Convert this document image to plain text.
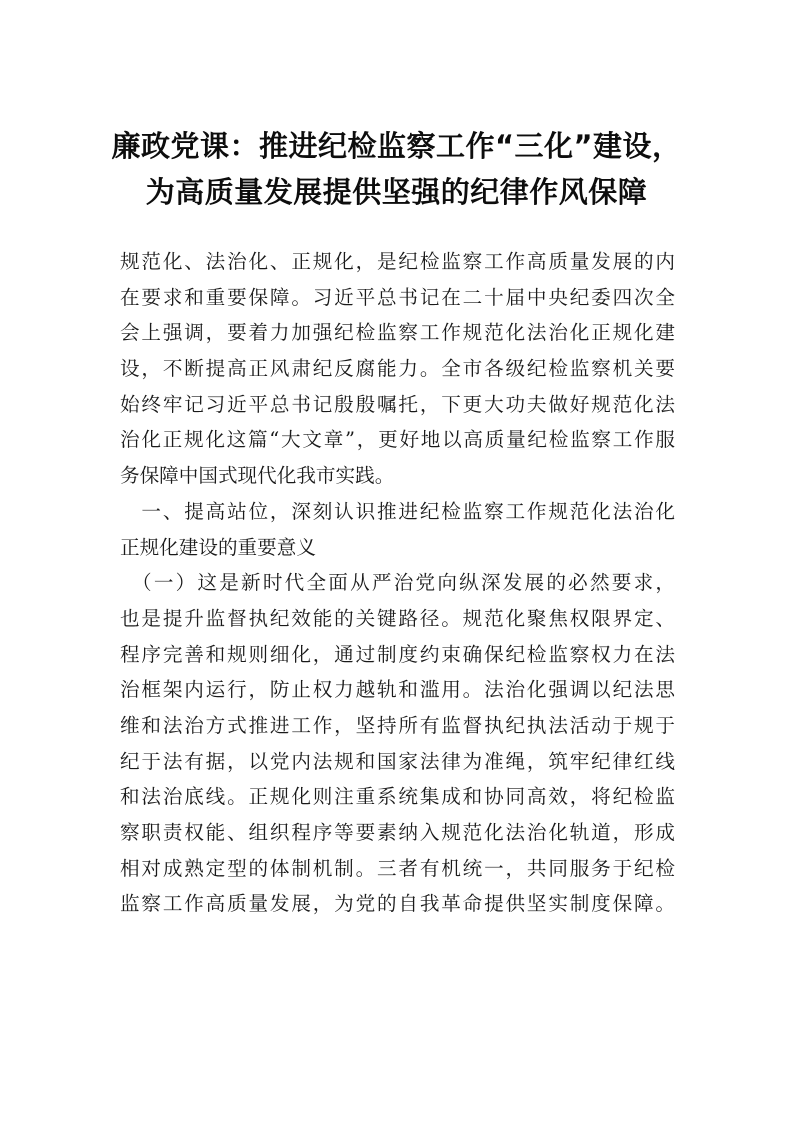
廉政党课：推进纪检监察工作“三化”建设，
为高质量发展提供坚强的纪律作风保障
规范化、法治化、正规化，是纪检监察工作高质量发展的内
在要求和重要保障。习近平总书记在二十届中央纪委四次全
会上强调，要着力加强纪检监察工作规范化法治化正规化建
设，不断提高正风肃纪反腐能力。全市各级纪检监察机关要
始终牢记习近平总书记殷殷嘱托，下更大功夫做好规范化法
治化正规化这篇“大文章”，更好地以高质量纪检监察工作服
务保障中国式现代化我市实践。
　一、提高站位，深刻认识推进纪检监察工作规范化法治化
正规化建设的重要意义
　（一）这是新时代全面从严治党向纵深发展的必然要求，
也是提升监督执纪效能的关键路径。规范化聚焦权限界定、
程序完善和规则细化，通过制度约束确保纪检监察权力在法
治框架内运行，防止权力越轨和滥用。法治化强调以纪法思
维和法治方式推进工作，坚持所有监督执纪执法活动于规于
纪于法有据，以党内法规和国家法律为准绳，筑牢纪律红线
和法治底线。正规化则注重系统集成和协同高效，将纪检监
察职责权能、组织程序等要素纳入规范化法治化轨道，形成
相对成熟定型的体制机制。三者有机统一，共同服务于纪检
监察工作高质量发展，为党的自我革命提供坚实制度保障。
